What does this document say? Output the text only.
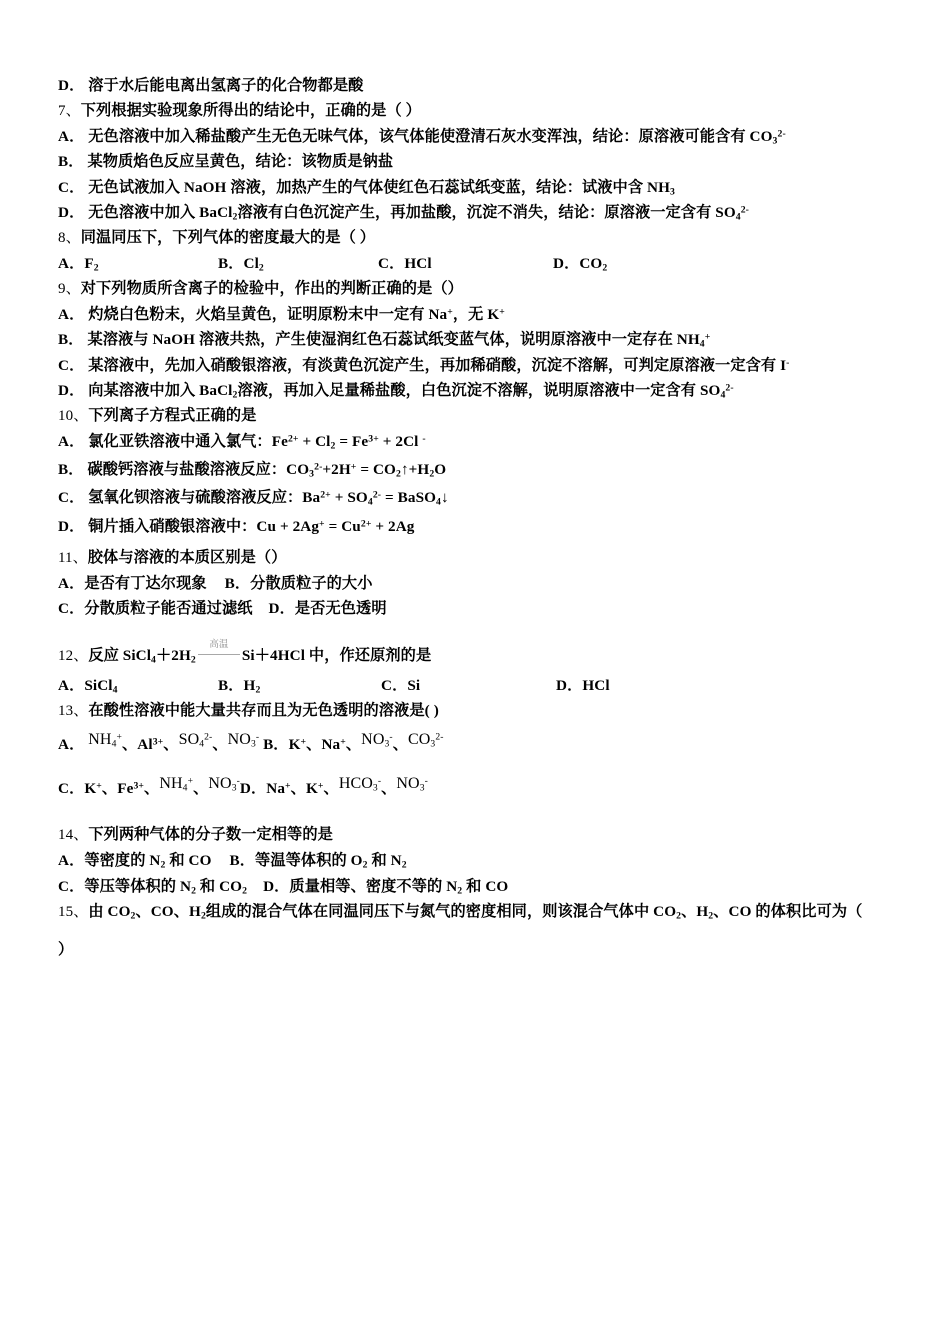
D． 溶于水后能电离出氢离子的化合物都是酸
7、下列根据实验现象所得出的结论中，正确的是（ ）
A． 无色溶液中加入稀盐酸产生无色无味气体，该气体能使澄清石灰水变浑浊，结论：原溶液可能含有 $CO_3^{2-}$
B． 某物质焰色反应呈黄色，结论：该物质是钠盐
C． 无色试液加入 NaOH 溶液，加热产生的气体使红色石蕊试纸变蓝，结论：试液中含 $NH_3$
D． 无色溶液中加入 BaCl$_2$溶液有白色沉淀产生，再加盐酸，沉淀不消失，结论：原溶液一定含有 $SO_4^{2-}$
8、同温同压下，下列气体的密度最大的是（ ）
A．$F_2$	B．$Cl_2$	C．HCl	D．$CO_2$
9、对下列物质所含离子的检验中，作出的判断正确的是（）
A． 灼烧白色粉末，火焰呈黄色，证明原粉末中一定有 Na+，无 K+
B． 某溶液与 NaOH 溶液共热，产生使湿润红色石蕊试纸变蓝气体，说明原溶液中一定存在 $NH_4^+$
C． 某溶液中，先加入硝酸银溶液，有淡黄色沉淀产生，再加稀硝酸，沉淀不溶解，可判定原溶液一定含有 I-
D． 向某溶液中加入 BaCl$_2$溶液，再加入足量稀盐酸，白色沉淀不溶解，说明原溶液中一定含有 $SO_4^{2-}$
10、下列离子方程式正确的是
A． 氯化亚铁溶液中通入氯气：$Fe^{2+} + Cl_2 = Fe^{3+} + 2Cl$ -
B． 碳酸钙溶液与盐酸溶液反应：$CO_3^{2-}+2H^+$ = $CO_2↑+H_2O$
C． 氢氧化钡溶液与硫酸溶液反应：$Ba^{2+} + SO_4^{2-}$ = BaSO$_4$↓
D． 铜片插入硝酸银溶液中：$Cu + 2Ag^+ = Cu^{2+} + 2Ag$
11、胶体与溶液的本质区别是（）
A．是否有丁达尔现象 B．分散质粒子的大小
C．分散质粒子能否通过滤纸 D．是否无色透明
12、反应 $SiCl_4+2H_2$
高温
Si＋4HCl 中，作还原剂的是
A．SiCl$_4$	B．$H_2$	C．Si	D．HCl
13、在酸性溶液中能大量共存而且为无色透明的溶液是( )
A． $NH_4^+$、$Al^{3+}$、$SO_4^{2-}$、$NO_3^-$ B．K+、Na+、$NO_3^-$、$CO_3^{2-}$
C．K+、$Fe^{3+}$、$NH_4^+$、$NO_3^-D$．Na+、K+、$HCO_3^-$、$NO_3^-$
14、下列两种气体的分子数一定相等的是
A．等密度的 $N_2$ 和 CO B．等温等体积的 $O_2$ 和 $N_2$
C．等压等体积的 $N_2$ 和 $CO_2$ D．质量相等、密度不等的 $N_2$ 和 CO
15、由 $CO_2$、CO、$H_2$组成的混合气体在同温同压下与氮气的密度相同，则该混合气体中 $CO_2$、$H_2$、CO 的体积比可为（
）
